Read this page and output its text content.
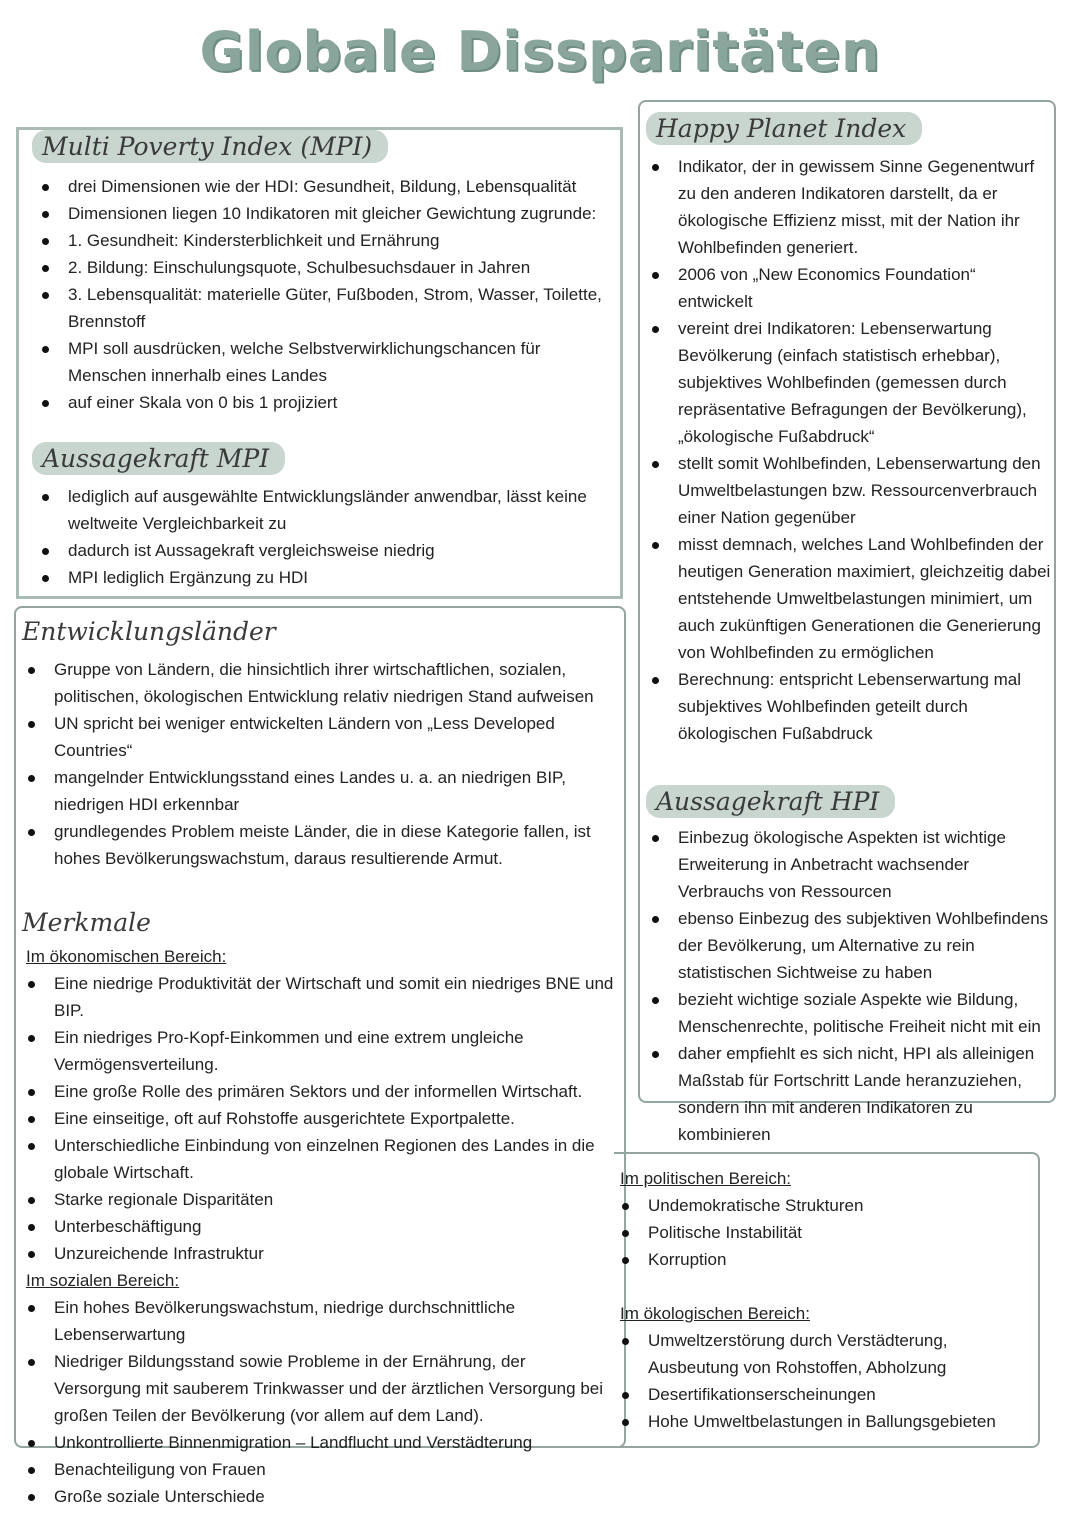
Globale Dissparitäten
Multi Poverty Index (MPI)
drei Dimensionen wie der HDI: Gesundheit, Bildung, Lebensqualität
Dimensionen liegen 10 Indikatoren mit gleicher Gewichtung zugrunde:
1. Gesundheit: Kindersterblichkeit und Ernährung
2. Bildung: Einschulungsquote, Schulbesuchsdauer in Jahren
3. Lebensqualität: materielle Güter, Fußboden, Strom, Wasser, Toilette, Brennstoff
MPI soll ausdrücken, welche Selbstverwirklichungschancen für Menschen innerhalb eines Landes
auf einer Skala von 0 bis 1 projiziert
Aussagekraft MPI
lediglich auf ausgewählte Entwicklungsländer anwendbar, lässt keine weltweite Vergleichbarkeit zu
dadurch ist Aussagekraft vergleichsweise niedrig
MPI lediglich Ergänzung zu HDI
Happy Planet Index
Indikator, der in gewissem Sinne Gegenentwurf zu den anderen Indikatoren darstellt, da er ökologische Effizienz misst, mit der Nation ihr Wohlbefinden generiert.
2006 von „New Economics Foundation“ entwickelt
vereint drei Indikatoren: Lebenserwartung Bevölkerung (einfach statistisch erhebbar), subjektives Wohlbefinden (gemessen durch repräsentative Befragungen der Bevölkerung), „ökologische Fußabdruck“
stellt somit Wohlbefinden, Lebenserwartung den Umweltbelastungen bzw. Ressourcenverbrauch einer Nation gegenüber
misst demnach, welches Land Wohlbefinden der heutigen Generation maximiert, gleichzeitig dabei entstehende Umweltbelastungen minimiert, um auch zukünftigen Generationen die Generierung von Wohlbefinden zu ermöglichen
Berechnung: entspricht Lebenserwartung mal subjektives Wohlbefinden geteilt durch ökologischen Fußabdruck
Aussagekraft HPI
Einbezug ökologische Aspekten ist wichtige Erweiterung in Anbetracht wachsender Verbrauchs von Ressourcen
ebenso Einbezug des subjektiven Wohlbefindens der Bevölkerung, um Alternative zu rein statistischen Sichtweise zu haben
bezieht wichtige soziale Aspekte wie Bildung, Menschenrechte, politische Freiheit nicht mit ein
daher empfiehlt es sich nicht, HPI als alleinigen Maßstab für Fortschritt Lande heranzuziehen, sondern ihn mit anderen Indikatoren zu kombinieren
Entwicklungsländer
Gruppe von Ländern, die hinsichtlich ihrer wirtschaftlichen, sozialen, politischen, ökologischen Entwicklung relativ niedrigen Stand aufweisen
UN spricht bei weniger entwickelten Ländern von „Less Developed Countries“
mangelnder Entwicklungsstand eines Landes u. a. an niedrigen BIP, niedrigen HDI erkennbar
grundlegendes Problem meiste Länder, die in diese Kategorie fallen, ist hohes Bevölkerungswachstum, daraus resultierende Armut.
Merkmale
Im ökonomischen Bereich:
Eine niedrige Produktivität der Wirtschaft und somit ein niedriges BNE und BIP.
Ein niedriges Pro-Kopf-Einkommen und eine extrem ungleiche Vermögensverteilung.
Eine große Rolle des primären Sektors und der informellen Wirtschaft.
Eine einseitige, oft auf Rohstoffe ausgerichtete Exportpalette.
Unterschiedliche Einbindung von einzelnen Regionen des Landes in die globale Wirtschaft.
Starke regionale Disparitäten
Unterbeschäftigung
Unzureichende Infrastruktur
Im sozialen Bereich:
Ein hohes Bevölkerungswachstum, niedrige durchschnittliche Lebenserwartung
Niedriger Bildungsstand sowie Probleme in der Ernährung, der Versorgung mit sauberem Trinkwasser und der ärztlichen Versorgung bei großen Teilen der Bevölkerung (vor allem auf dem Land).
Unkontrollierte Binnenmigration – Landflucht und Verstädterung
Benachteiligung von Frauen
Große soziale Unterschiede
Im politischen Bereich:
Undemokratische Strukturen
Politische Instabilität
Korruption
Im ökologischen Bereich:
Umweltzerstörung durch Verstädterung, Ausbeutung von Rohstoffen, Abholzung
Desertifikationserscheinungen
Hohe Umweltbelastungen in Ballungsgebieten
